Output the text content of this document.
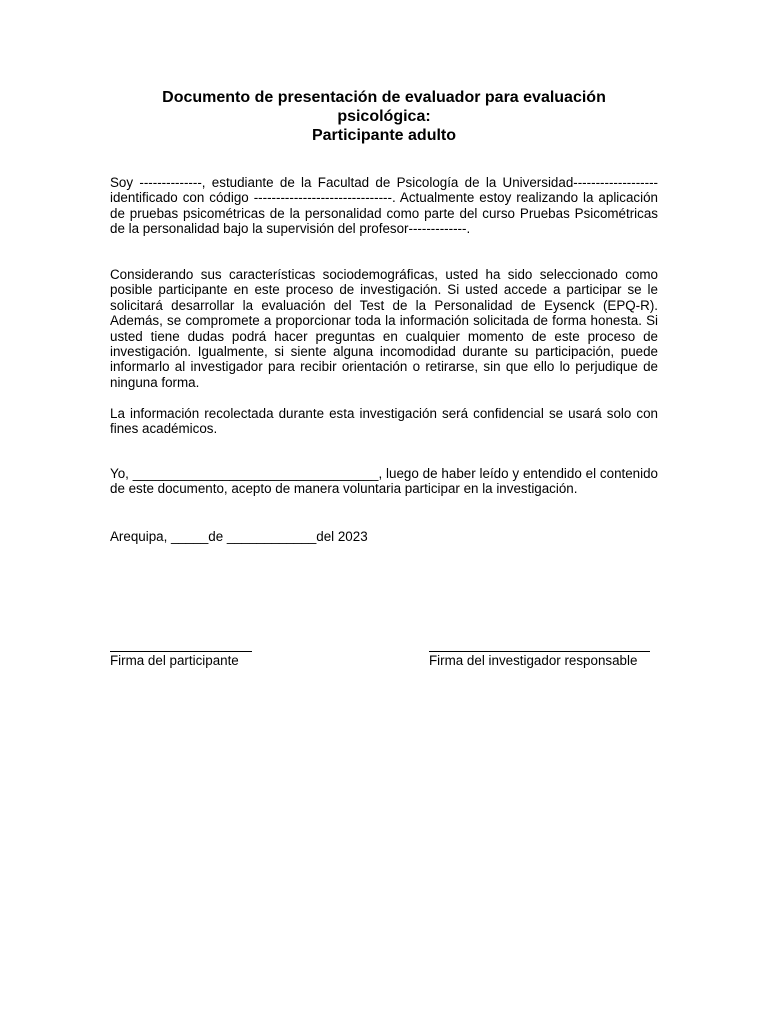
Documento de presentación de evaluador para evaluación
psicológica:
Participante adulto

Soy --------------, estudiante de la Facultad de Psicología de la Universidad------------------- identificado con código -------------------------------. Actualmente estoy realizando la aplicación de pruebas psicométricas de la personalidad como parte del curso Pruebas Psicométricas de la personalidad bajo la supervisión del profesor-------------.

Considerando sus características sociodemográficas, usted ha sido seleccionado como posible participante en este proceso de investigación. Si usted accede a participar se le solicitará desarrollar la evaluación del Test de la Personalidad de Eysenck (EPQ-R). Además, se compromete a proporcionar toda la información solicitada de forma honesta. Si usted tiene dudas podrá hacer preguntas en cualquier momento de este proceso de investigación. Igualmente, si siente alguna incomodidad durante su participación, puede informarlo al investigador para recibir orientación o retirarse, sin que ello lo perjudique de ninguna forma.

La información recolectada durante esta investigación será confidencial se usará solo con fines académicos.

Yo, _________________________________, luego de haber leído y entendido el contenido de este documento, acepto de manera voluntaria participar en la investigación.

Arequipa, _____de ____________del 2023

Firma del participante	Firma del investigador responsable
